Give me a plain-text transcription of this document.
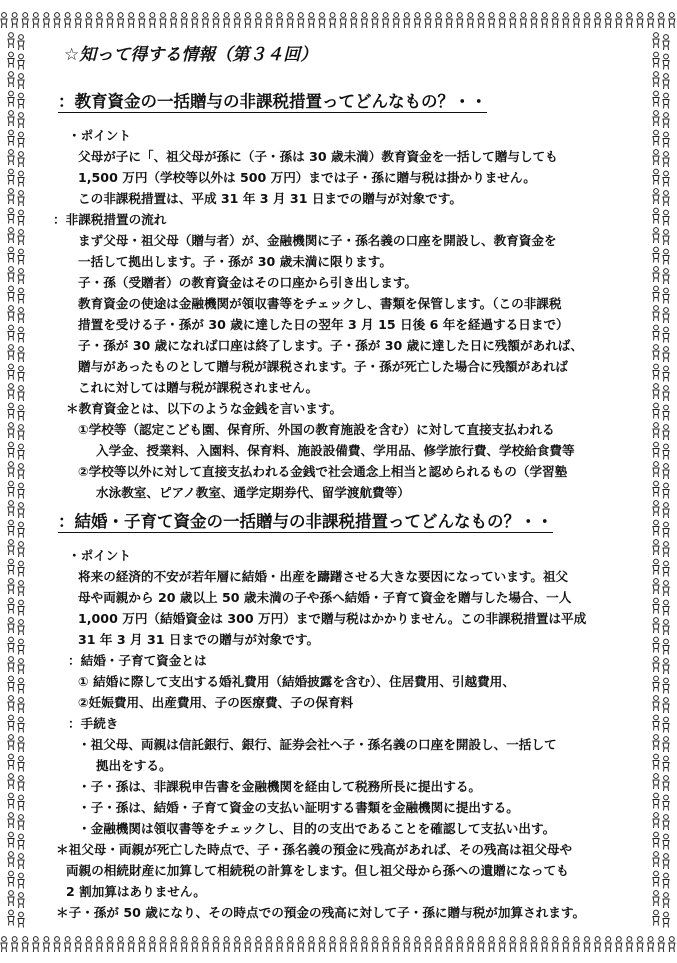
☆知って得する情報（第３４回）
：教育資金の一括贈与の非課税措置ってどんなもの？・・
・ポイント
父母が子に「、祖父母が孫に（子・孫は 30 歳未満）教育資金を一括して贈与しても
1,500 万円（学校等以外は 500 万円）までは子・孫に贈与税は掛かりません。
この非課税措置は、平成 31 年 3 月 31 日までの贈与が対象です。
：非課税措置の流れ
まず父母・祖父母（贈与者）が、金融機関に子・孫名義の口座を開設し、教育資金を
一括して拠出します。子・孫が 30 歳未満に限ります。
子・孫（受贈者）の教育資金はその口座から引き出します。
教育資金の使途は金融機関が領収書等をチェックし、書類を保管します。（この非課税
措置を受ける子・孫が 30 歳に達した日の翌年 3 月 15 日後 6 年を経過する日まで）
子・孫が 30 歳になれば口座は終了します。子・孫が 30 歳に達した日に残額があれば、
贈与があったものとして贈与税が課税されます。子・孫が死亡した場合に残額があれば
これに対しては贈与税が課税されません。
＊教育資金とは、以下のような金銭を言います。
①学校等（認定こども園、保育所、外国の教育施設を含む）に対して直接支払われる
入学金、授業料、入園料、保育料、施設設備費、学用品、修学旅行費、学校給食費等
②学校等以外に対して直接支払われる金銭で社会通念上相当と認められるもの（学習塾
水泳教室、ピアノ教室、通学定期券代、留学渡航費等）
：結婚・子育て資金の一括贈与の非課税措置ってどんなもの？・・
・ポイント
将来の経済的不安が若年層に結婚・出産を躊躇させる大きな要因になっています。祖父
母や両親から 20 歳以上 50 歳未満の子や孫へ結婚・子育て資金を贈与した場合、一人
1,000 万円（結婚資金は 300 万円）まで贈与税はかかりません。この非課税措置は平成
31 年 3 月 31 日までの贈与が対象です。
：結婚・子育て資金とは
① 結婚に際して支出する婚礼費用（結婚披露を含む）、住居費用、引越費用、
②妊娠費用、出産費用、子の医療費、子の保育料
：手続き
・祖父母、両親は信託銀行、銀行、証券会社へ子・孫名義の口座を開設し、一括して
拠出をする。
・子・孫は、非課税申告書を金融機関を経由して税務所長に提出する。
・子・孫は、結婚・子育て資金の支払い証明する書類を金融機関に提出する。
・金融機関は領収書等をチェックし、目的の支出であることを確認して支払い出す。
＊祖父母・両親が死亡した時点で、子・孫名義の預金に残高があれば、その残高は祖父母や
両親の相続財産に加算して相続税の計算をします。但し祖父母から孫への遺贈になっても
2 割加算はありません。
＊子・孫が 50 歳になり、その時点での預金の残高に対して子・孫に贈与税が加算されます。
